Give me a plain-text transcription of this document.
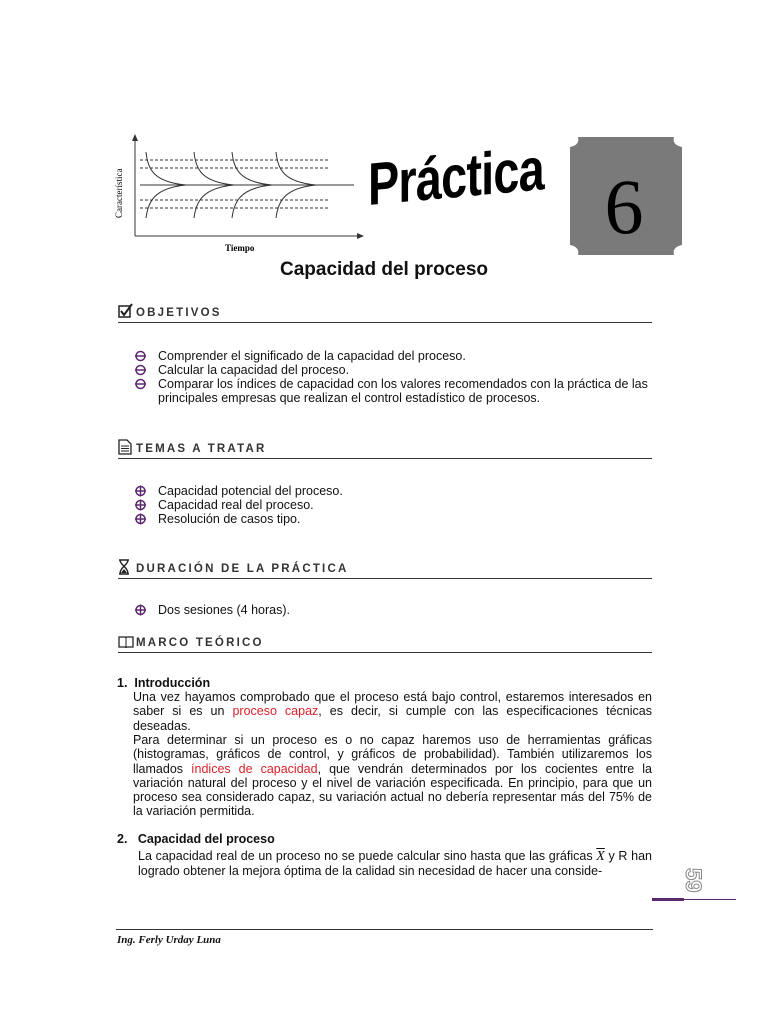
Característica
Tiempo
Práctica 6
Capacidad del proceso
OBJETIVOS
Comprender el significado de la capacidad del proceso.
Calcular la capacidad del proceso.
Comparar los índices de capacidad con los valores recomendados con la práctica de las principales empresas que realizan el control estadístico de procesos.
TEMAS A TRATAR
Capacidad potencial del proceso.
Capacidad real del proceso.
Resolución de casos tipo.
DURACIÓN DE LA PRÁCTICA
Dos sesiones (4 horas).
MARCO TEÓRICO
1. Introducción
Una vez hayamos comprobado que el proceso está bajo control, estaremos interesados en saber si es un proceso capaz, es decir, si cumple con las especificaciones técnicas deseadas.
Para determinar si un proceso es o no capaz haremos uso de herramientas gráficas (histogramas, gráficos de control, y gráficos de probabilidad). También utilizaremos los llamados índices de capacidad, que vendrán determinados por los cocientes entre la variación natural del proceso y el nivel de variación especificada. En principio, para que un proceso sea considerado capaz, su variación actual no debería representar más del 75% de la variación permitida.
2. Capacidad del proceso
La capacidad real de un proceso no se puede calcular sino hasta que las gráficas $\overline{X}$ y R han logrado obtener la mejora óptima de la calidad sin necesidad de hacer una conside-	59
Ing. Ferly Urday Luna
